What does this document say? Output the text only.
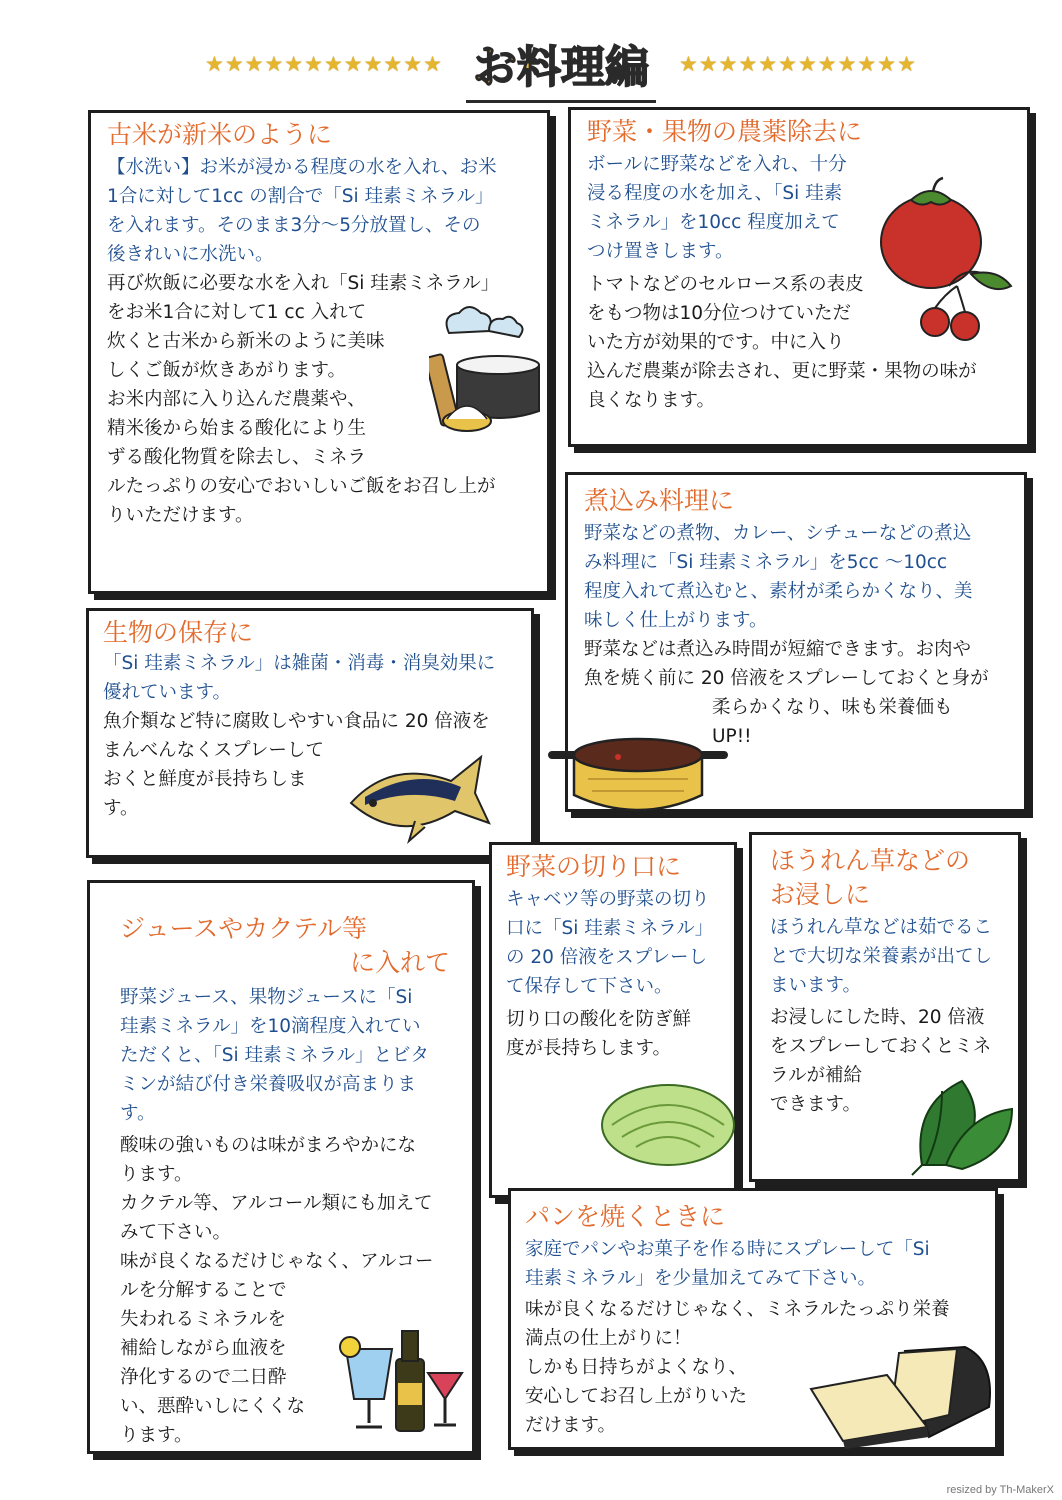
★★★★★★★★★★★★ お料理編	★★★★★★★★★★★★
古米が新米のように
【水洗い】お米が浸かる程度の水を入れ、お米
1合に対して1cc の割合で「Si 珪素ミネラル」
を入れます。そのまま3分～5分放置し、その
後きれいに水洗い。
再び炊飯に必要な水を入れ「Si 珪素ミネラル」
をお米1合に対して1 cc 入れて
炊くと古米から新米のように美味
しくご飯が炊きあがります。
お米内部に入り込んだ農薬や、
精米後から始まる酸化により生
ずる酸化物質を除去し、ミネラ
ルたっぷりの安心でおいしいご飯をお召し上が
りいただけます。
野菜・果物の農薬除去に
ボールに野菜などを入れ、十分
浸る程度の水を加え、「Si 珪素
ミネラル」を10cc 程度加えて
つけ置きします。
トマトなどのセルロース系の表皮
をもつ物は10分位つけていただ
いた方が効果的です。中に入り
込んだ農薬が除去され、更に野菜・果物の味が
良くなります。
煮込み料理に
野菜などの煮物、カレー、シチューなどの煮込
み料理に「Si 珪素ミネラル」を5cc ～10cc
程度入れて煮込むと、素材が柔らかくなり、美
味しく仕上がります。
野菜などは煮込み時間が短縮できます。お肉や
魚を焼く前に 20 倍液をスプレーしておくと身が
柔らかくなり、味も栄養価も
UP!!
生物の保存に
「Si 珪素ミネラル」は雑菌・消毒・消臭効果に
優れています。
魚介類など特に腐敗しやすい食品に 20 倍液を
まんべんなくスプレーして
おくと鮮度が長持ちしま
す。
野菜の切り口に
キャベツ等の野菜の切り
口に「Si 珪素ミネラル」
の 20 倍液をスプレーし
て保存して下さい。
切り口の酸化を防ぎ鮮
度が長持ちします。
ほうれん草などの
お浸しに
ほうれん草などは茹でるこ
とで大切な栄養素が出てし
まいます。
お浸しにした時、20 倍液
をスプレーしておくとミネ
ラルが補給
できます。
ジュースやカクテル等
に入れて
野菜ジュース、果物ジュースに「Si
珪素ミネラル」を10滴程度入れてい
ただくと、「Si 珪素ミネラル」とビタ
ミンが結び付き栄養吸収が高まりま
す。
酸味の強いものは味がまろやかにな
ります。
カクテル等、アルコール類にも加えて
みて下さい。
味が良くなるだけじゃなく、アルコー
ルを分解することで
失われるミネラルを
補給しながら血液を
浄化するので二日酔
い、悪酔いしにくくな
ります。
パンを焼くときに
家庭でパンやお菓子を作る時にスプレーして「Si
珪素ミネラル」を少量加えてみて下さい。
味が良くなるだけじゃなく、ミネラルたっぷり栄養
満点の仕上がりに！
しかも日持ちがよくなり、
安心してお召し上がりいた
だけます。
resized by Th-MakerX
